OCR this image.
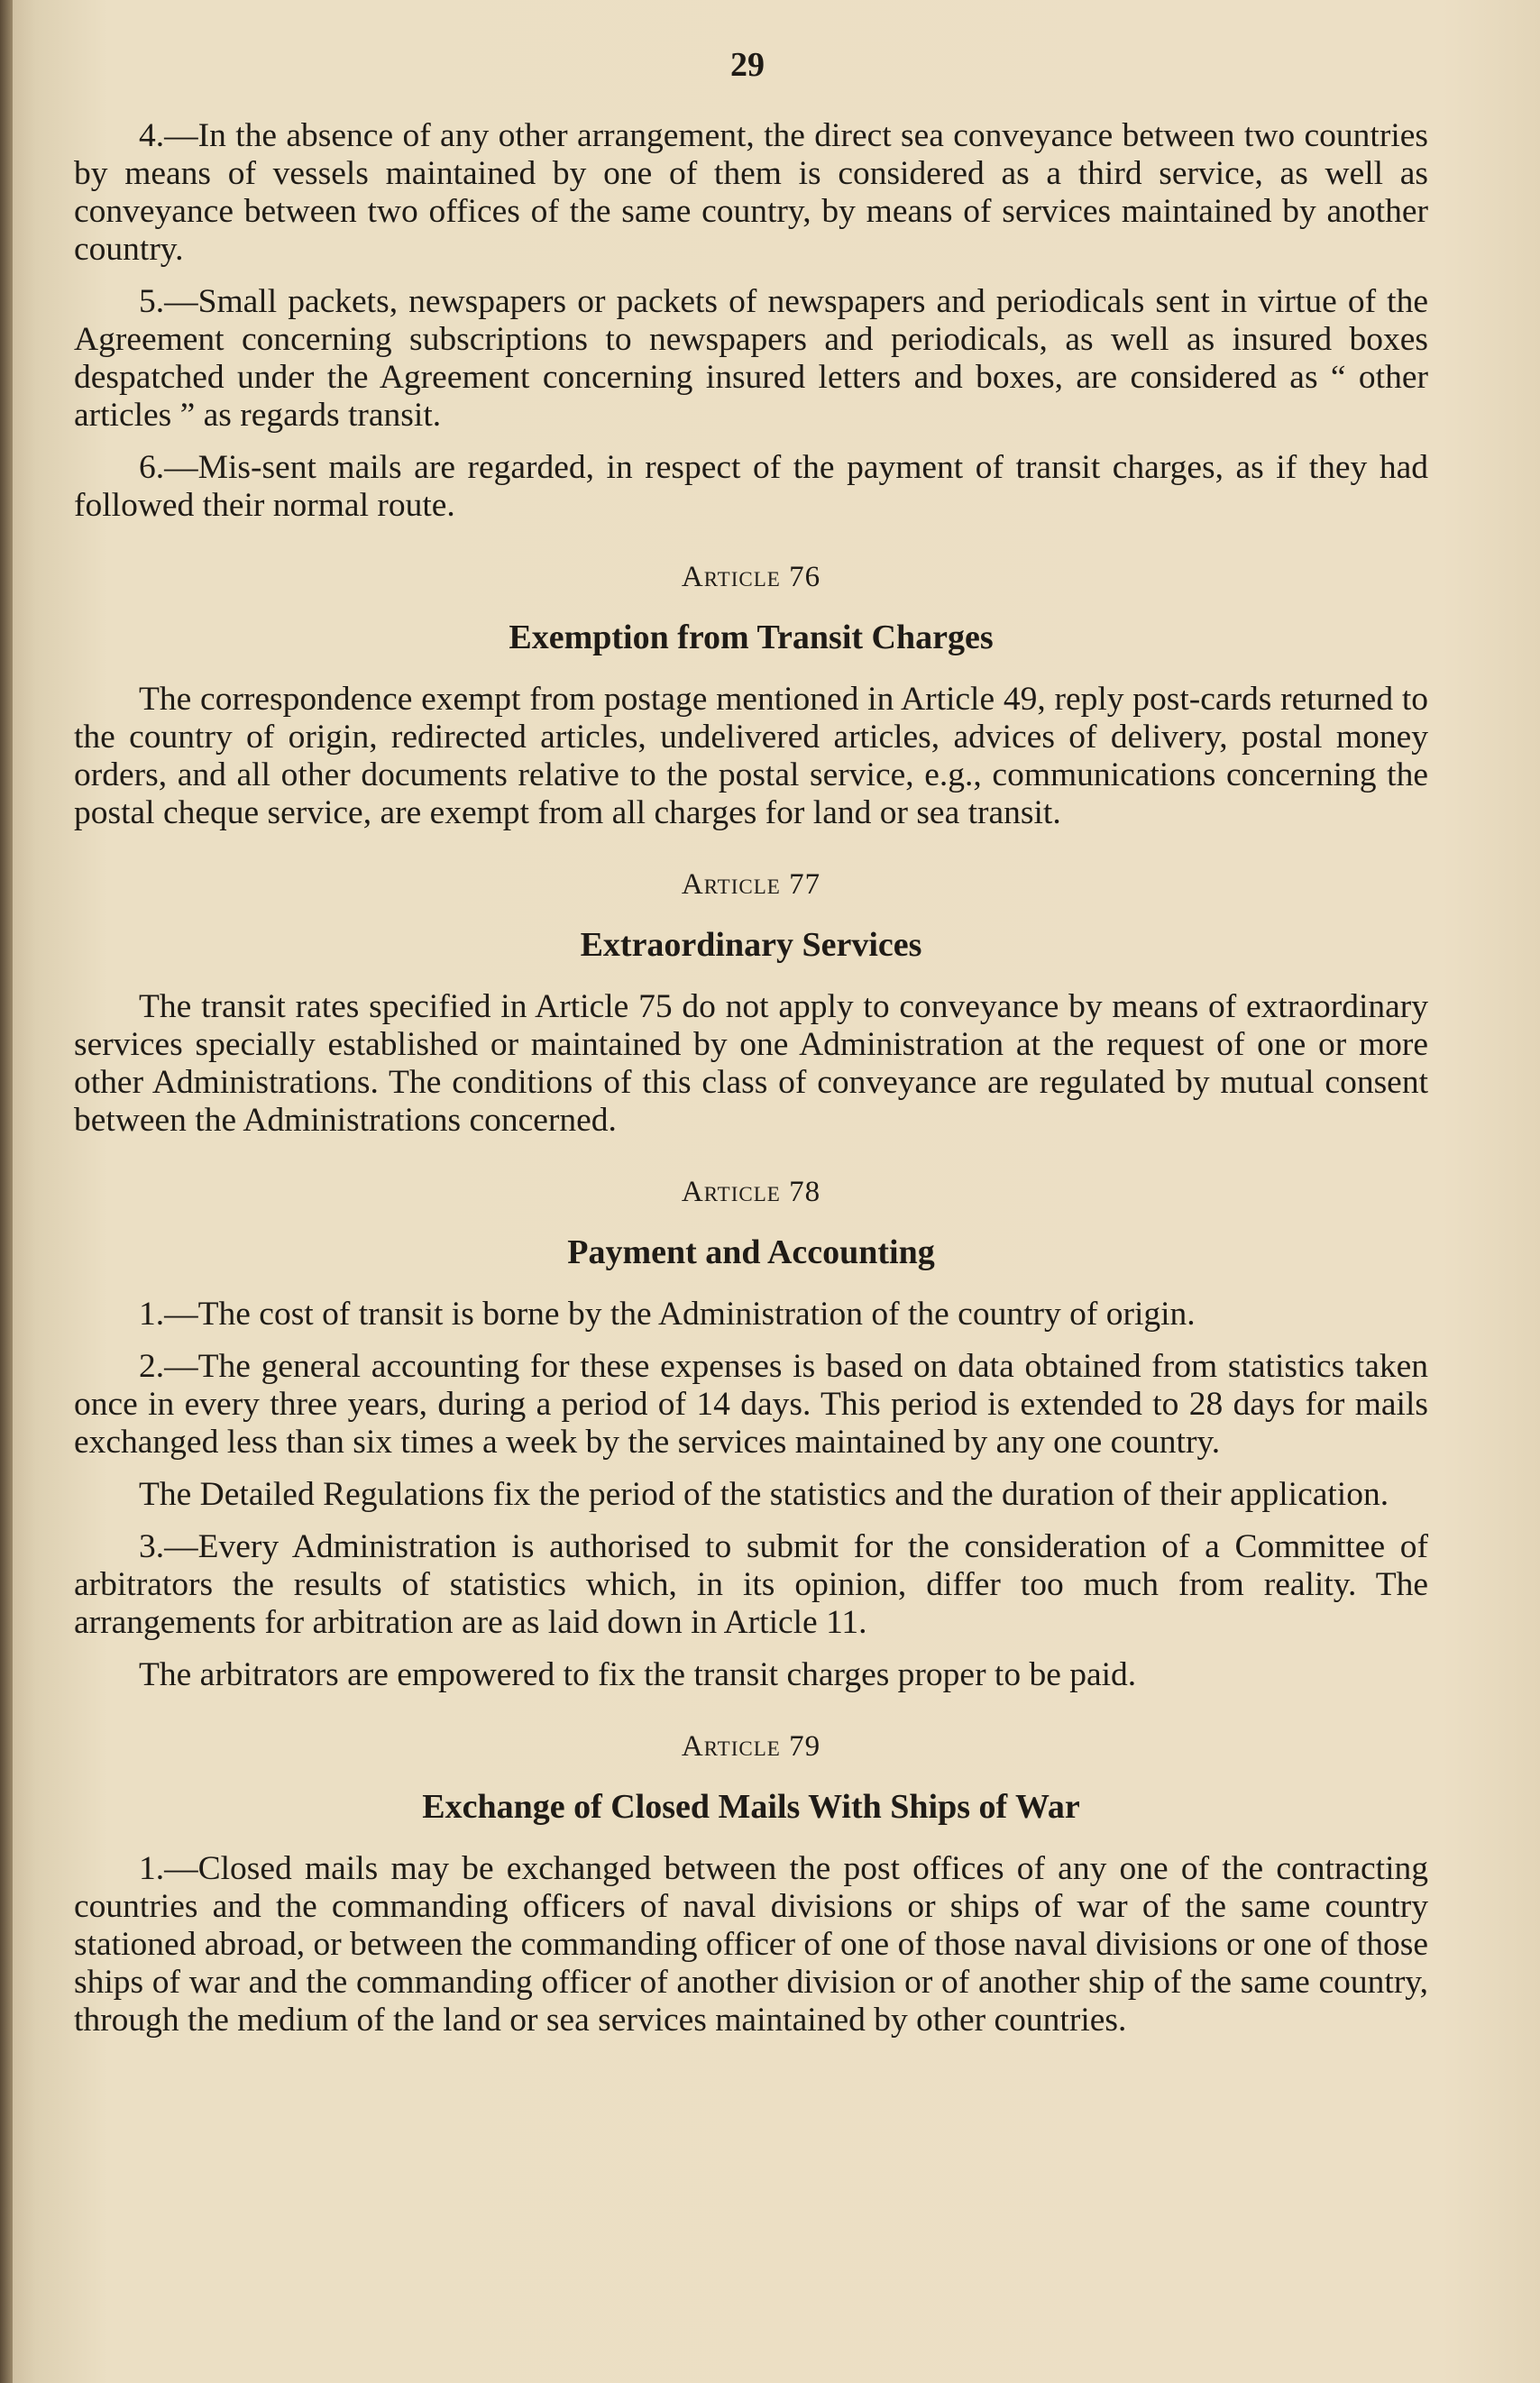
29

4.—In the absence of any other arrangement, the direct sea conveyance between two countries by means of vessels maintained by one of them is considered as a third service, as well as conveyance between two offices of the same country, by means of services maintained by another country.

5.—Small packets, newspapers or packets of newspapers and periodicals sent in virtue of the Agreement concerning subscriptions to newspapers and periodicals, as well as insured boxes despatched under the Agreement concerning insured letters and boxes, are considered as “ other articles ” as regards transit.

6.—Mis-sent mails are regarded, in respect of the payment of transit charges, as if they had followed their normal route.

Article 76
Exemption from Transit Charges

The correspondence exempt from postage mentioned in Article 49, reply post-cards returned to the country of origin, redirected articles, undelivered articles, advices of delivery, postal money orders, and all other documents relative to the postal service, e.g., communications concerning the postal cheque service, are exempt from all charges for land or sea transit.

Article 77
Extraordinary Services

The transit rates specified in Article 75 do not apply to conveyance by means of extraordinary services specially established or maintained by one Administration at the request of one or more other Administrations. The conditions of this class of conveyance are regulated by mutual consent between the Administrations concerned.

Article 78
Payment and Accounting

1.—The cost of transit is borne by the Administration of the country of origin.

2.—The general accounting for these expenses is based on data obtained from statistics taken once in every three years, during a period of 14 days. This period is extended to 28 days for mails exchanged less than six times a week by the services maintained by any one country.

The Detailed Regulations fix the period of the statistics and the duration of their application.

3.—Every Administration is authorised to submit for the consideration of a Committee of arbitrators the results of statistics which, in its opinion, differ too much from reality. The arrangements for arbitration are as laid down in Article 11.

The arbitrators are empowered to fix the transit charges proper to be paid.

Article 79
Exchange of Closed Mails With Ships of War

1.—Closed mails may be exchanged between the post offices of any one of the contracting countries and the commanding officers of naval divisions or ships of war of the same country stationed abroad, or between the commanding officer of one of those naval divisions or one of those ships of war and the commanding officer of another division or of another ship of the same country, through the medium of the land or sea services maintained by other countries.
